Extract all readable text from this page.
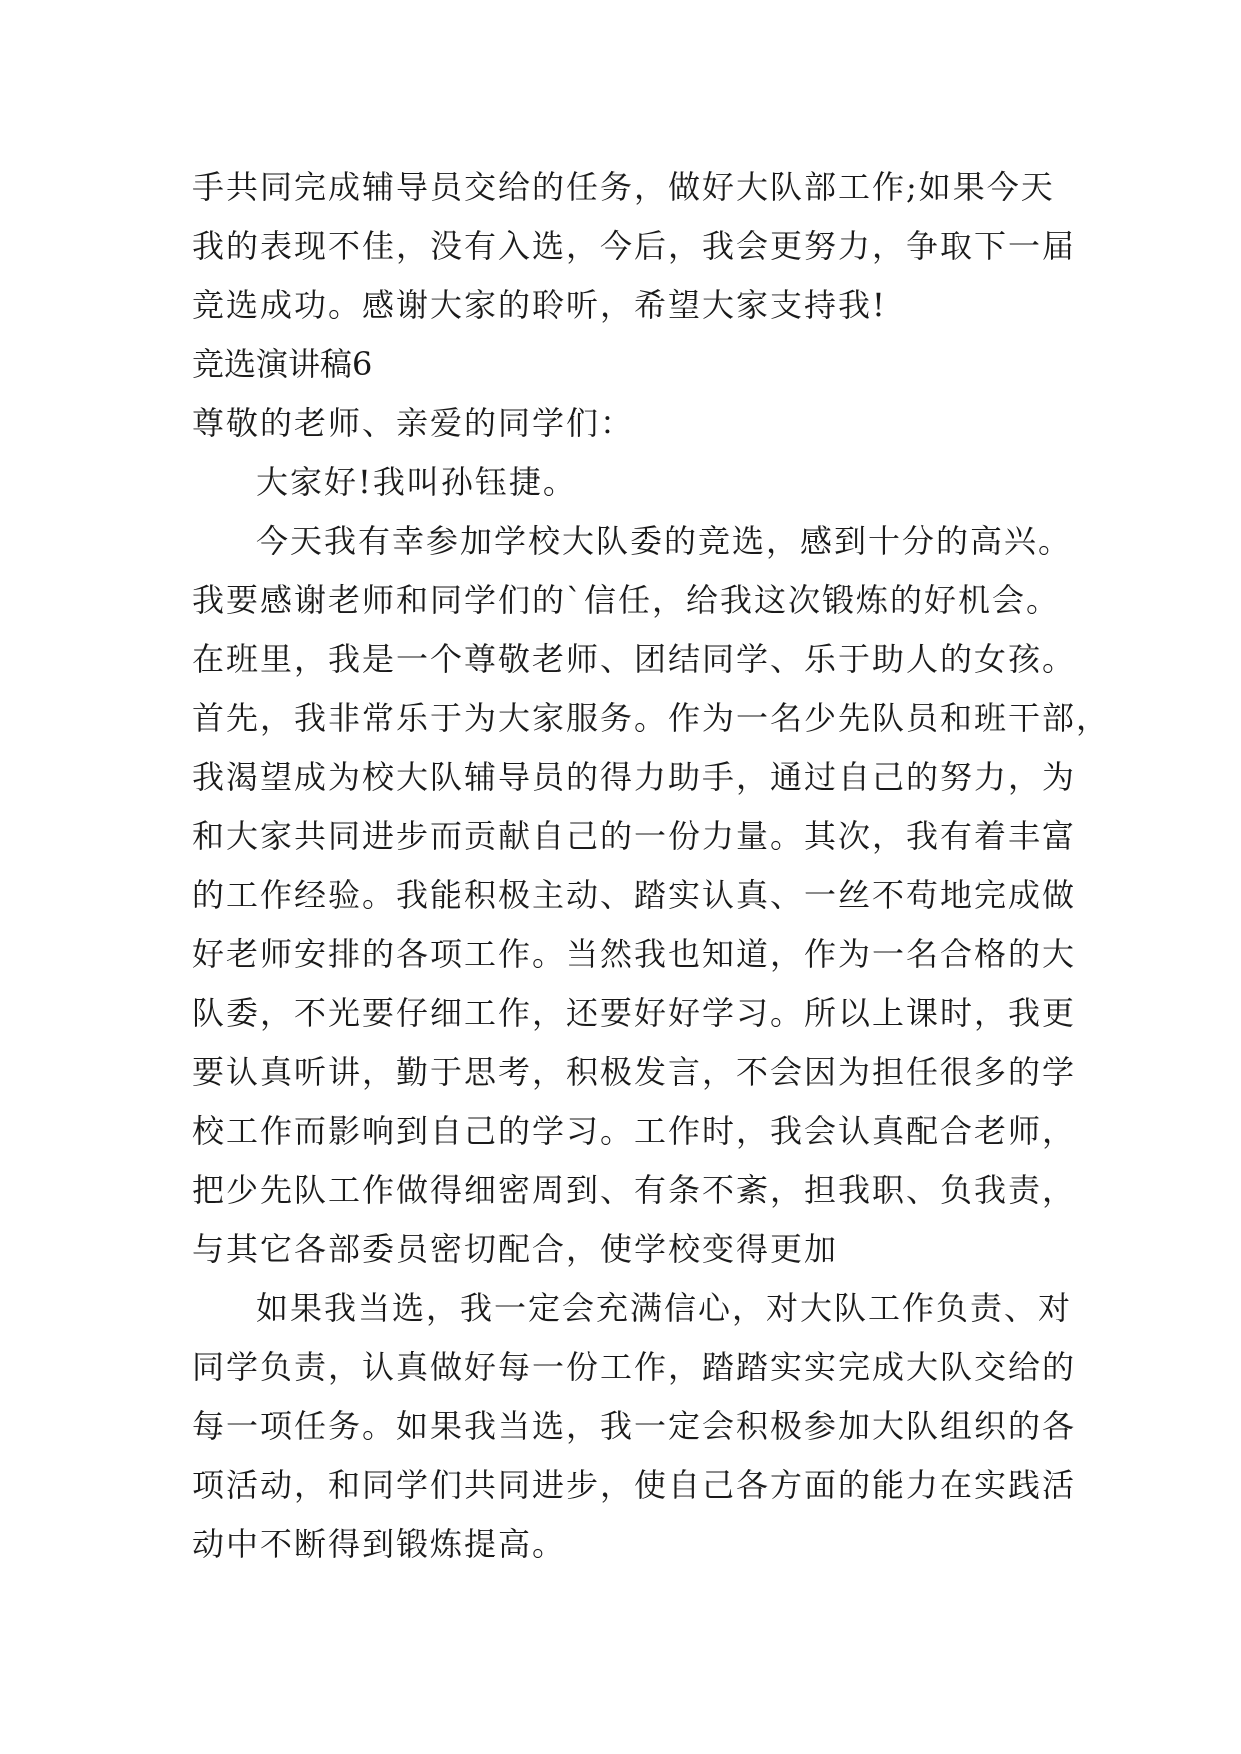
手共同完成辅导员交给的任务，做好大队部工作;如果今天
我的表现不佳，没有入选，今后，我会更努力，争取下一届
竞选成功。感谢大家的聆听，希望大家支持我!
竞选演讲稿6
尊敬的老师、亲爱的同学们：
大家好!我叫孙钰捷。
今天我有幸参加学校大队委的竞选，感到十分的高兴。
我要感谢老师和同学们的`信任，给我这次锻炼的好机会。
在班里，我是一个尊敬老师、团结同学、乐于助人的女孩。
首先，我非常乐于为大家服务。作为一名少先队员和班干部，
我渴望成为校大队辅导员的得力助手，通过自己的努力，为
和大家共同进步而贡献自己的一份力量。其次，我有着丰富
的工作经验。我能积极主动、踏实认真、一丝不苟地完成做
好老师安排的各项工作。当然我也知道，作为一名合格的大
队委，不光要仔细工作，还要好好学习。所以上课时，我更
要认真听讲，勤于思考，积极发言，不会因为担任很多的学
校工作而影响到自己的学习。工作时，我会认真配合老师，
把少先队工作做得细密周到、有条不紊，担我职、负我责，
与其它各部委员密切配合，使学校变得更加
如果我当选，我一定会充满信心，对大队工作负责、对
同学负责，认真做好每一份工作，踏踏实实完成大队交给的
每一项任务。如果我当选，我一定会积极参加大队组织的各
项活动，和同学们共同进步，使自己各方面的能力在实践活
动中不断得到锻炼提高。
